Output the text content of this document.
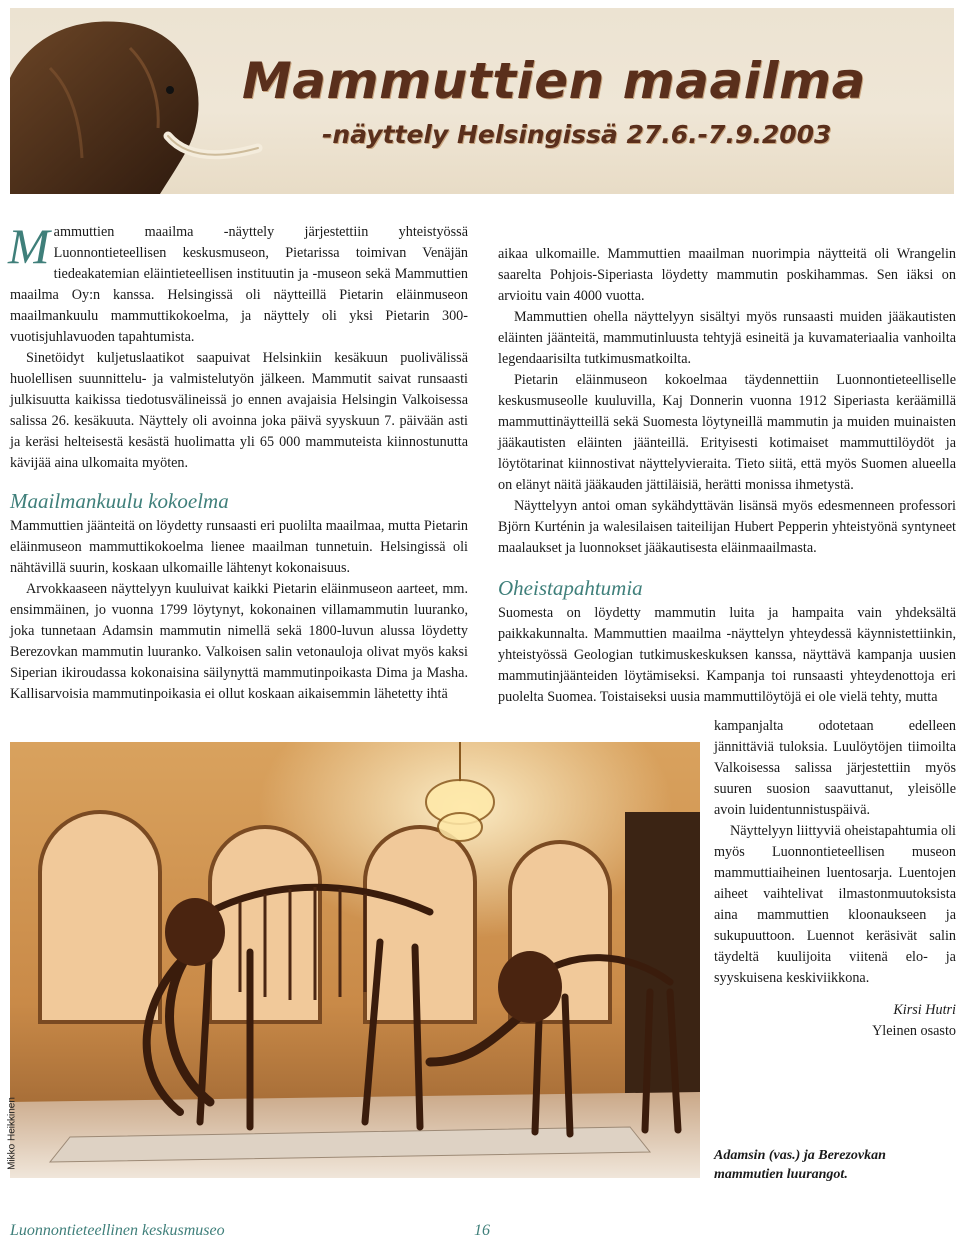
Mammuttien maailma
-näyttely Helsingissä 27.6.-7.9.2003

Mammuttien maailma -näyttely järjestettiin yhteistyössä Luonnontieteellisen keskusmuseon, Pietarissa toimivan Venäjän tiedeakatemian eläintieteellisen instituutin ja -museon sekä Mammuttien maailma Oy:n kanssa. Helsingissä oli näytteillä Pietarin eläinmuseon maailmankuulu mammuttikokoelma, ja näyttely oli yksi Pietarin 300-vuotisjuhlavuoden tapahtumista.

Sinetöidyt kuljetuslaatikot saapuivat Helsinkiin kesäkuun puolivälissä huolellisen suunnittelu- ja valmistelutyön jälkeen. Mammutit saivat runsaasti julkisuutta kaikissa tiedotusvälineissä jo ennen avajaisia Helsingin Valkoisessa salissa 26. kesäkuuta. Näyttely oli avoinna joka päivä syyskuun 7. päivään asti ja keräsi helteisestä kesästä huolimatta yli 65 000 mammuteista kiinnostunutta kävijää aina ulkomaita myöten.

Maailmankuulu kokoelma

Mammuttien jäänteitä on löydetty runsaasti eri puolilta maailmaa, mutta Pietarin eläinmuseon mammuttikokoelma lienee maailman tunnetuin. Helsingissä oli nähtävillä suurin, koskaan ulkomaille lähtenyt kokonaisuus.

Arvokkaaseen näyttelyyn kuuluivat kaikki Pietarin eläinmuseon aarteet, mm. ensimmäinen, jo vuonna 1799 löytynyt, kokonainen villamammutin luuranko, joka tunnetaan Adamsin mammutin nimellä sekä 1800-luvun alussa löydetty Berezovkan mammutin luuranko. Valkoisen salin vetonauloja olivat myös kaksi Siperian ikiroudassa kokonaisina säilynyttä mammutinpoikasta Dima ja Masha. Kallisarvoisia mammutinpoikasia ei ollut koskaan aikaisemmin lähetetty ihtä

aikaa ulkomaille. Mammuttien maailman nuorimpia näytteitä oli Wrangelin saarelta Pohjois-Siperiasta löydetty mammutin poskihammas. Sen iäksi on arvioitu vain 4000 vuotta.

Mammuttien ohella näyttelyyn sisältyi myös runsaasti muiden jääkautisten eläinten jäänteitä, mammutinluusta tehtyjä esineitä ja kuvamateriaalia vanhoilta legendaarisilta tutkimusmatkoilta.

Pietarin eläinmuseon kokoelmaa täydennettiin Luonnontieteelliselle keskusmuseolle kuuluvilla, Kaj Donnerin vuonna 1912 Siperiasta keräämillä mammuttinäytteillä sekä Suomesta löytyneillä mammutin ja muiden muinaisten jääkautisten eläinten jäänteillä. Erityisesti kotimaiset mammuttilöydöt ja löytötarinat kiinnostivat näyttelyvieraita. Tieto siitä, että myös Suomen alueella on elänyt näitä jääkauden jättiläisiä, herätti monissa ihmetystä.

Näyttelyyn antoi oman sykähdyttävän lisänsä myös edesmenneen professori Björn Kurténin ja walesilaisen taiteilijan Hubert Pepperin yhteistyönä syntyneet maalaukset ja luonnokset jääkautisesta eläinmaailmasta.

Oheistapahtumia

Suomesta on löydetty mammutin luita ja hampaita vain yhdeksältä paikkakunnalta. Mammuttien maailma -näyttelyn yhteydessä käynnistettiinkin, yhteistyössä Geologian tutkimuskeskuksen kanssa, näyttävä kampanja uusien mammutinjäänteiden löytämiseksi. Kampanja toi runsaasti yhteydenottoja eri puolelta Suomea. Toistaiseksi uusia mammuttilöytöjä ei ole vielä tehty, mutta

kampanjalta odotetaan edelleen jännittäviä tuloksia. Luulöytöjen tiimoilta Valkoisessa salissa järjestettiin myös suuren suosion saavuttanut, yleisölle avoin luidentunnistuspäivä.

Näyttelyyn liittyviä oheistapahtumia oli myös Luonnontieteellisen museon mammuttiaiheinen luentosarja. Luentojen aiheet vaihtelivat ilmastonmuutoksista aina mammuttien kloonaukseen ja sukupuuttoon. Luennot keräsivät salin täydeltä kuulijoita viitenä elo- ja syyskuisena keskiviikkona.

Kirsi Hutri
Yleinen osasto
Mikko Heikkinen	Adamsin (vas.) ja Berezovkan mammutien luurangot.
Luonnontieteellinen keskusmuseo	16
